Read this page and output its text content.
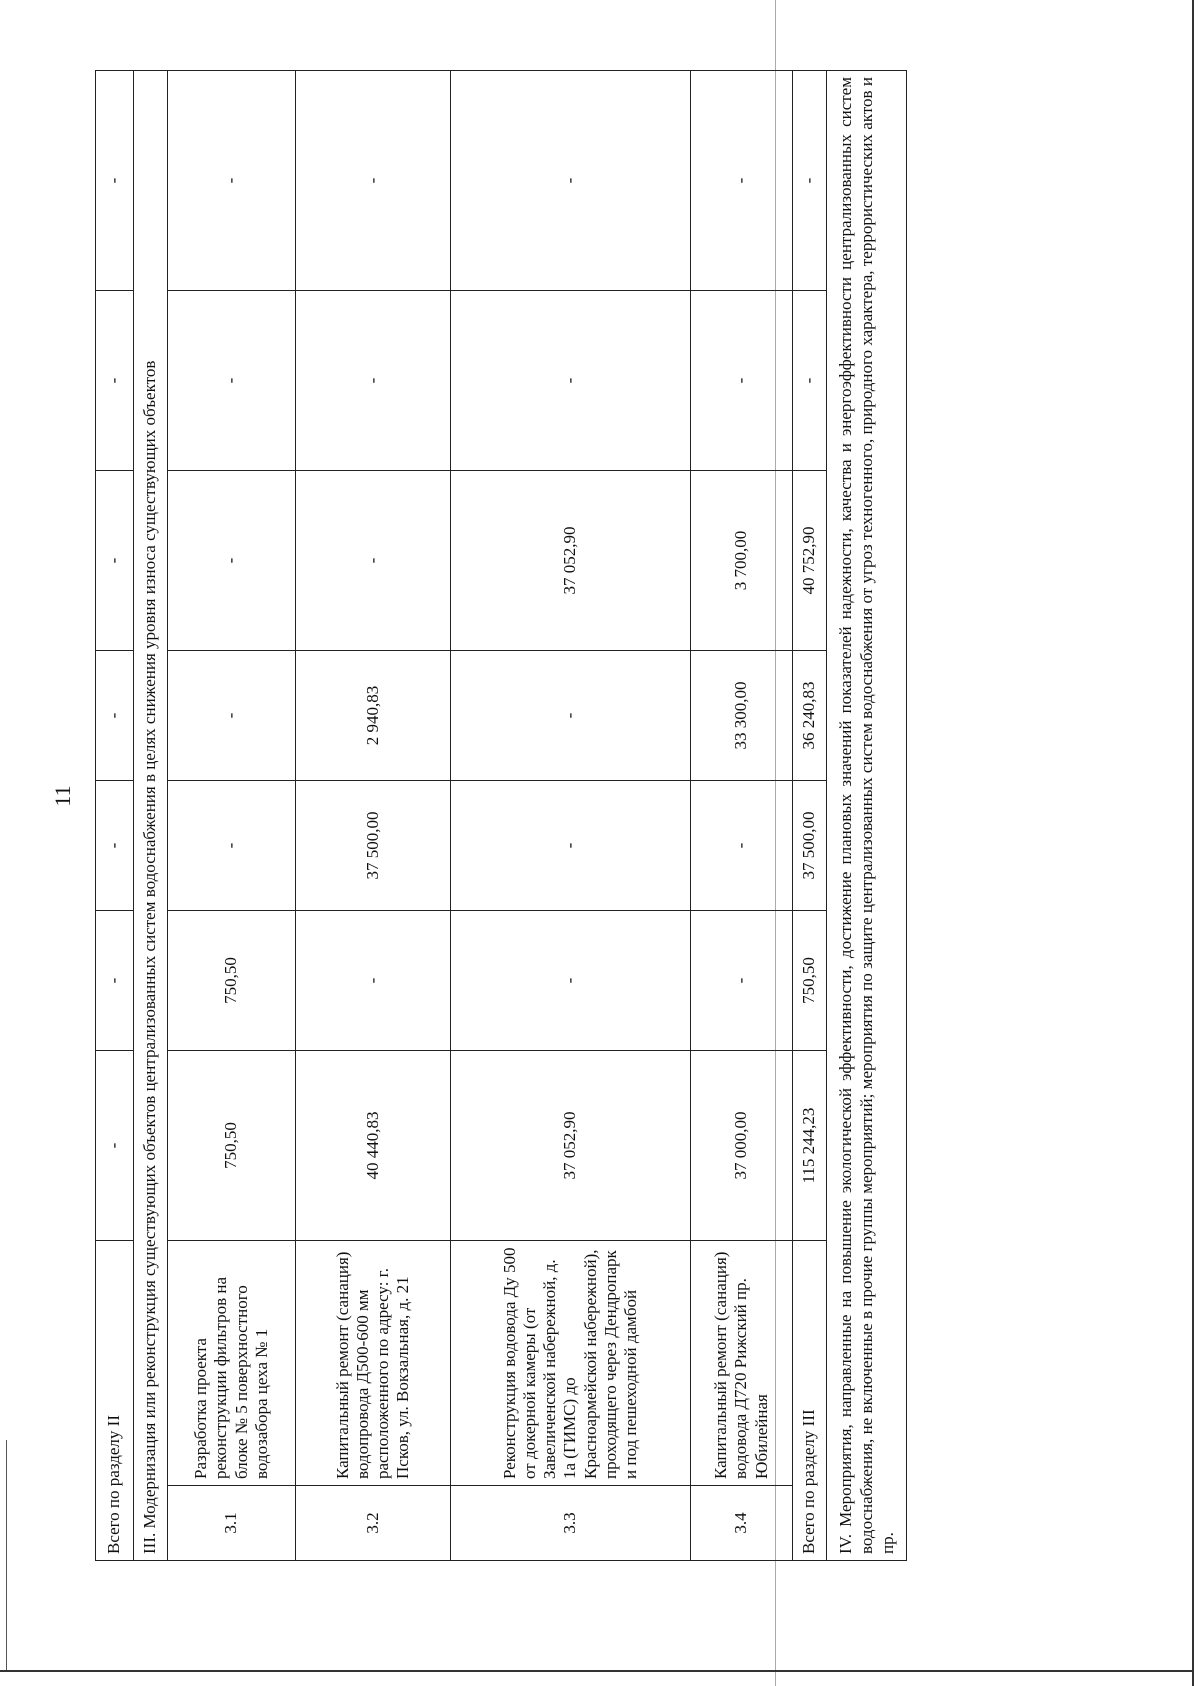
11
Всего по разделу II		-	-	-	-	-	-	-
III. Модернизация или реконструкция существующих объектов централизованных систем водоснабжения в целях снижения уровня износа существующих объектов								
3.1	Разработка проекта реконструкции фильтров на блоке № 5 поверхностного водозабора цеха № 1	750,50	750,50	-	-	-	-	-
3.2	Капитальный ремонт (санация) водопровода Д500-600 мм расположенного по адресу: г. Псков, ул. Вокзальная, д. 21	40 440,83	-	37 500,00	2 940,83	-	-	-
3.3	Реконструкция водовода Ду 500 от докерной камеры (от Завеличенской набережной, д. 1а (ГИМС) до Красноармейской набережной), проходящего через Дендропарк и под пешеходной дамбой	37 052,90	-	-	-	37 052,90	-	-
3.4	Капитальный ремонт (санация) водовода Д720 Рижский пр. Юбилейная	37 000,00	-	-	33 300,00	3 700,00	-	-
Всего по разделу III		115 244,23	750,50	37 500,00	36 240,83	40 752,90	-	-
IV. Мероприятия, направленные на повышение экологической эффективности, достижение плановых значений показателей надежности, качества и энергоэффективности централизованных систем водоснабжения, не включенные в прочие группы мероприятий; мероприятия по защите централизованных систем водоснабжения от угроз техногенного, природного характера, террористических актов и пр.								
